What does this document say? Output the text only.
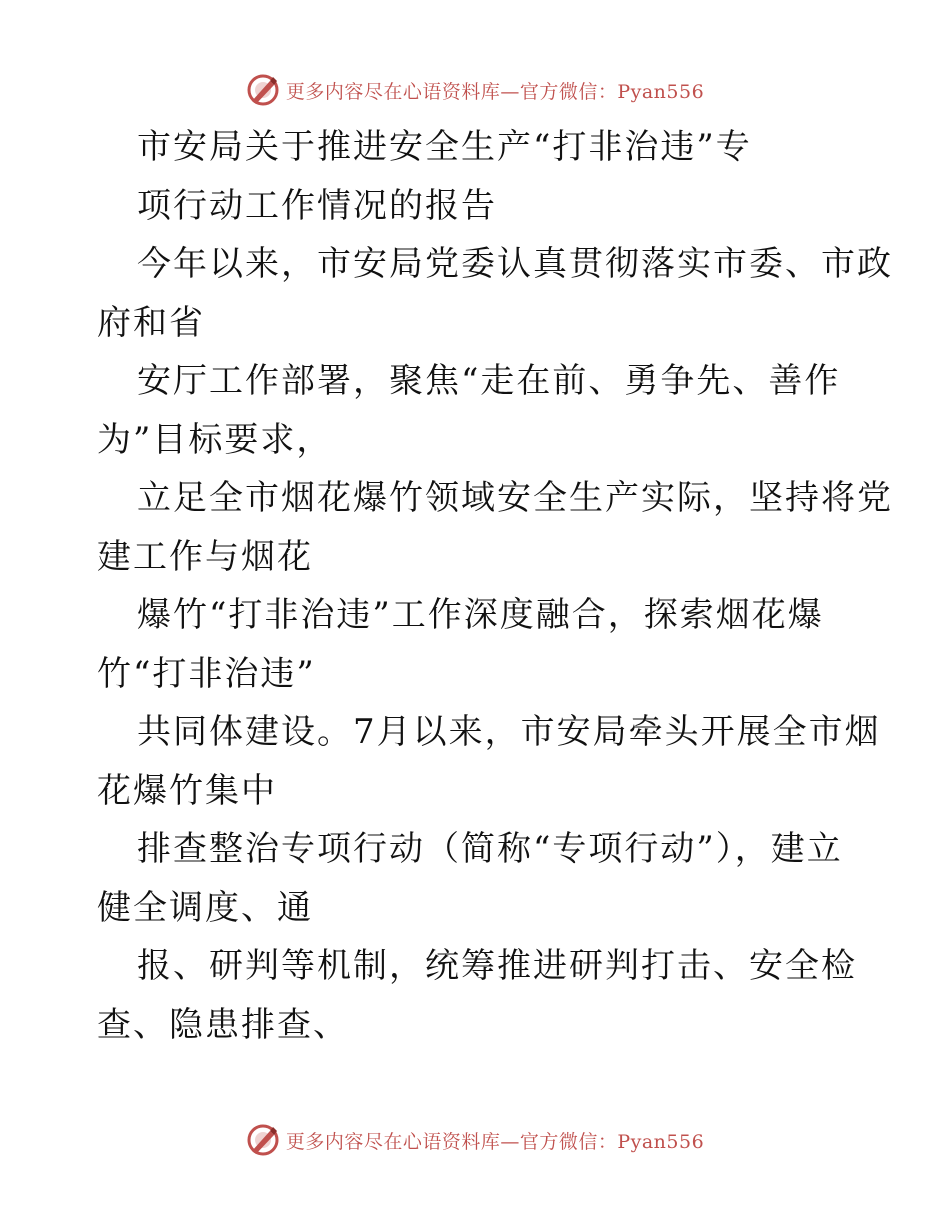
更多内容尽在心语资料库—官方微信：Pyan556
市安局关于推进安全生产“打非治违”专
项行动工作情况的报告
今年以来，市安局党委认真贯彻落实市委、市政
府和省
安厅工作部署，聚焦“走在前、勇争先、善作
为”目标要求，
立足全市烟花爆竹领域安全生产实际，坚持将党
建工作与烟花
爆竹“打非治违”工作深度融合，探索烟花爆
竹“打非治违”
共同体建设。7月以来，市安局牵头开展全市烟
花爆竹集中
排查整治专项行动（简称“专项行动”），建立
健全调度、通
报、研判等机制，统筹推进研判打击、安全检
查、隐患排查、
更多内容尽在心语资料库—官方微信：Pyan556
